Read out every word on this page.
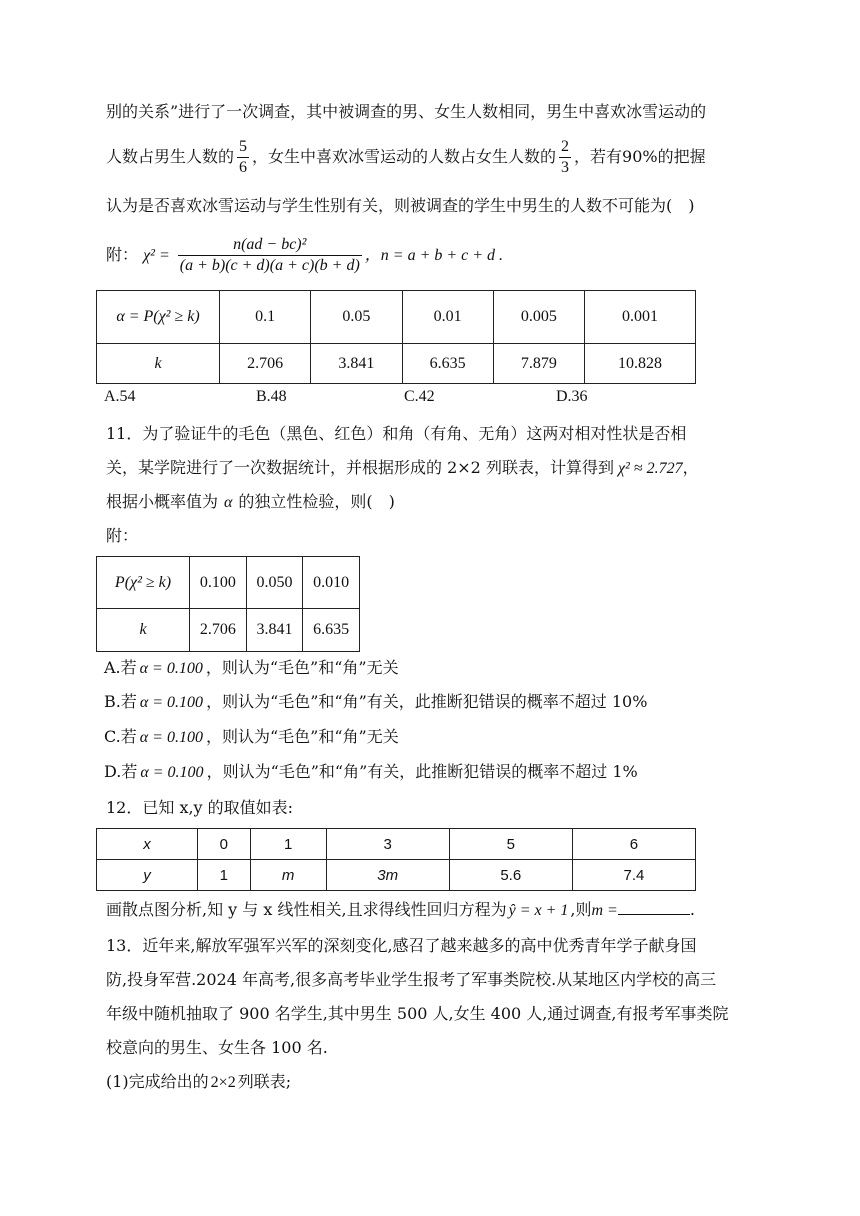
别的关系”进行了一次调查，其中被调查的男、女生人数相同，男生中喜欢冰雪运动的
人数占男生人数的 $\frac{5}{6}$ ，女生中喜欢冰雪运动的人数占女生人数的 $\frac{2}{3}$ ，若有90%的把握
认为是否喜欢冰雪运动与学生性别有关，则被调查的学生中男生的人数不可能为(　)
附： $\chi^2 = \frac{\text{n(ad − bc)²}}{(a + b)(c + d)(a + c)(b + d)}$ ，n = a + b + c + d .
α = P(χ² ≥ k)	0.1	0.05	0.01	0.005	0.001
k	2.706	3.841	6.635	7.879	10.828
A.54	B.48	C.42	D.36
11．为了验证牛的毛色（黑色、红色）和角（有角、无角）这两对相对性状是否相
关，某学院进行了一次数据统计，并根据形成的 2×2 列联表，计算得到 χ² ≈ 2.727，
根据小概率值为 α 的独立性检验，则(　)
附：
P(χ² ≥ k)	0.100	0.050	0.010
k	2.706	3.841	6.635
A.若 α = 0.100 ，则认为“毛色”和“角”无关
B.若 α = 0.100 ，则认为“毛色”和“角”有关，此推断犯错误的概率不超过 10%
C.若 α = 0.100 ，则认为“毛色”和“角”无关
D.若 α = 0.100 ，则认为“毛色”和“角”有关，此推断犯错误的概率不超过 1%
12．已知 x,y 的取值如表:
x	0	1	3	5	6
y	1	m	3m	5.6	7.4
画散点图分析,知 y 与 x 线性相关,且求得线性回归方程为 ŷ = x + 1 ,则m =	.
13．近年来,解放军强军兴军的深刻变化,感召了越来越多的高中优秀青年学子献身国
防,投身军营.2024 年高考,很多高考毕业学生报考了军事类院校.从某地区内学校的高三
年级中随机抽取了 900 名学生,其中男生 500 人,女生 400 人,通过调查,有报考军事类院
校意向的男生、女生各 100 名.
(1)完成给出的 2×2 列联表;
